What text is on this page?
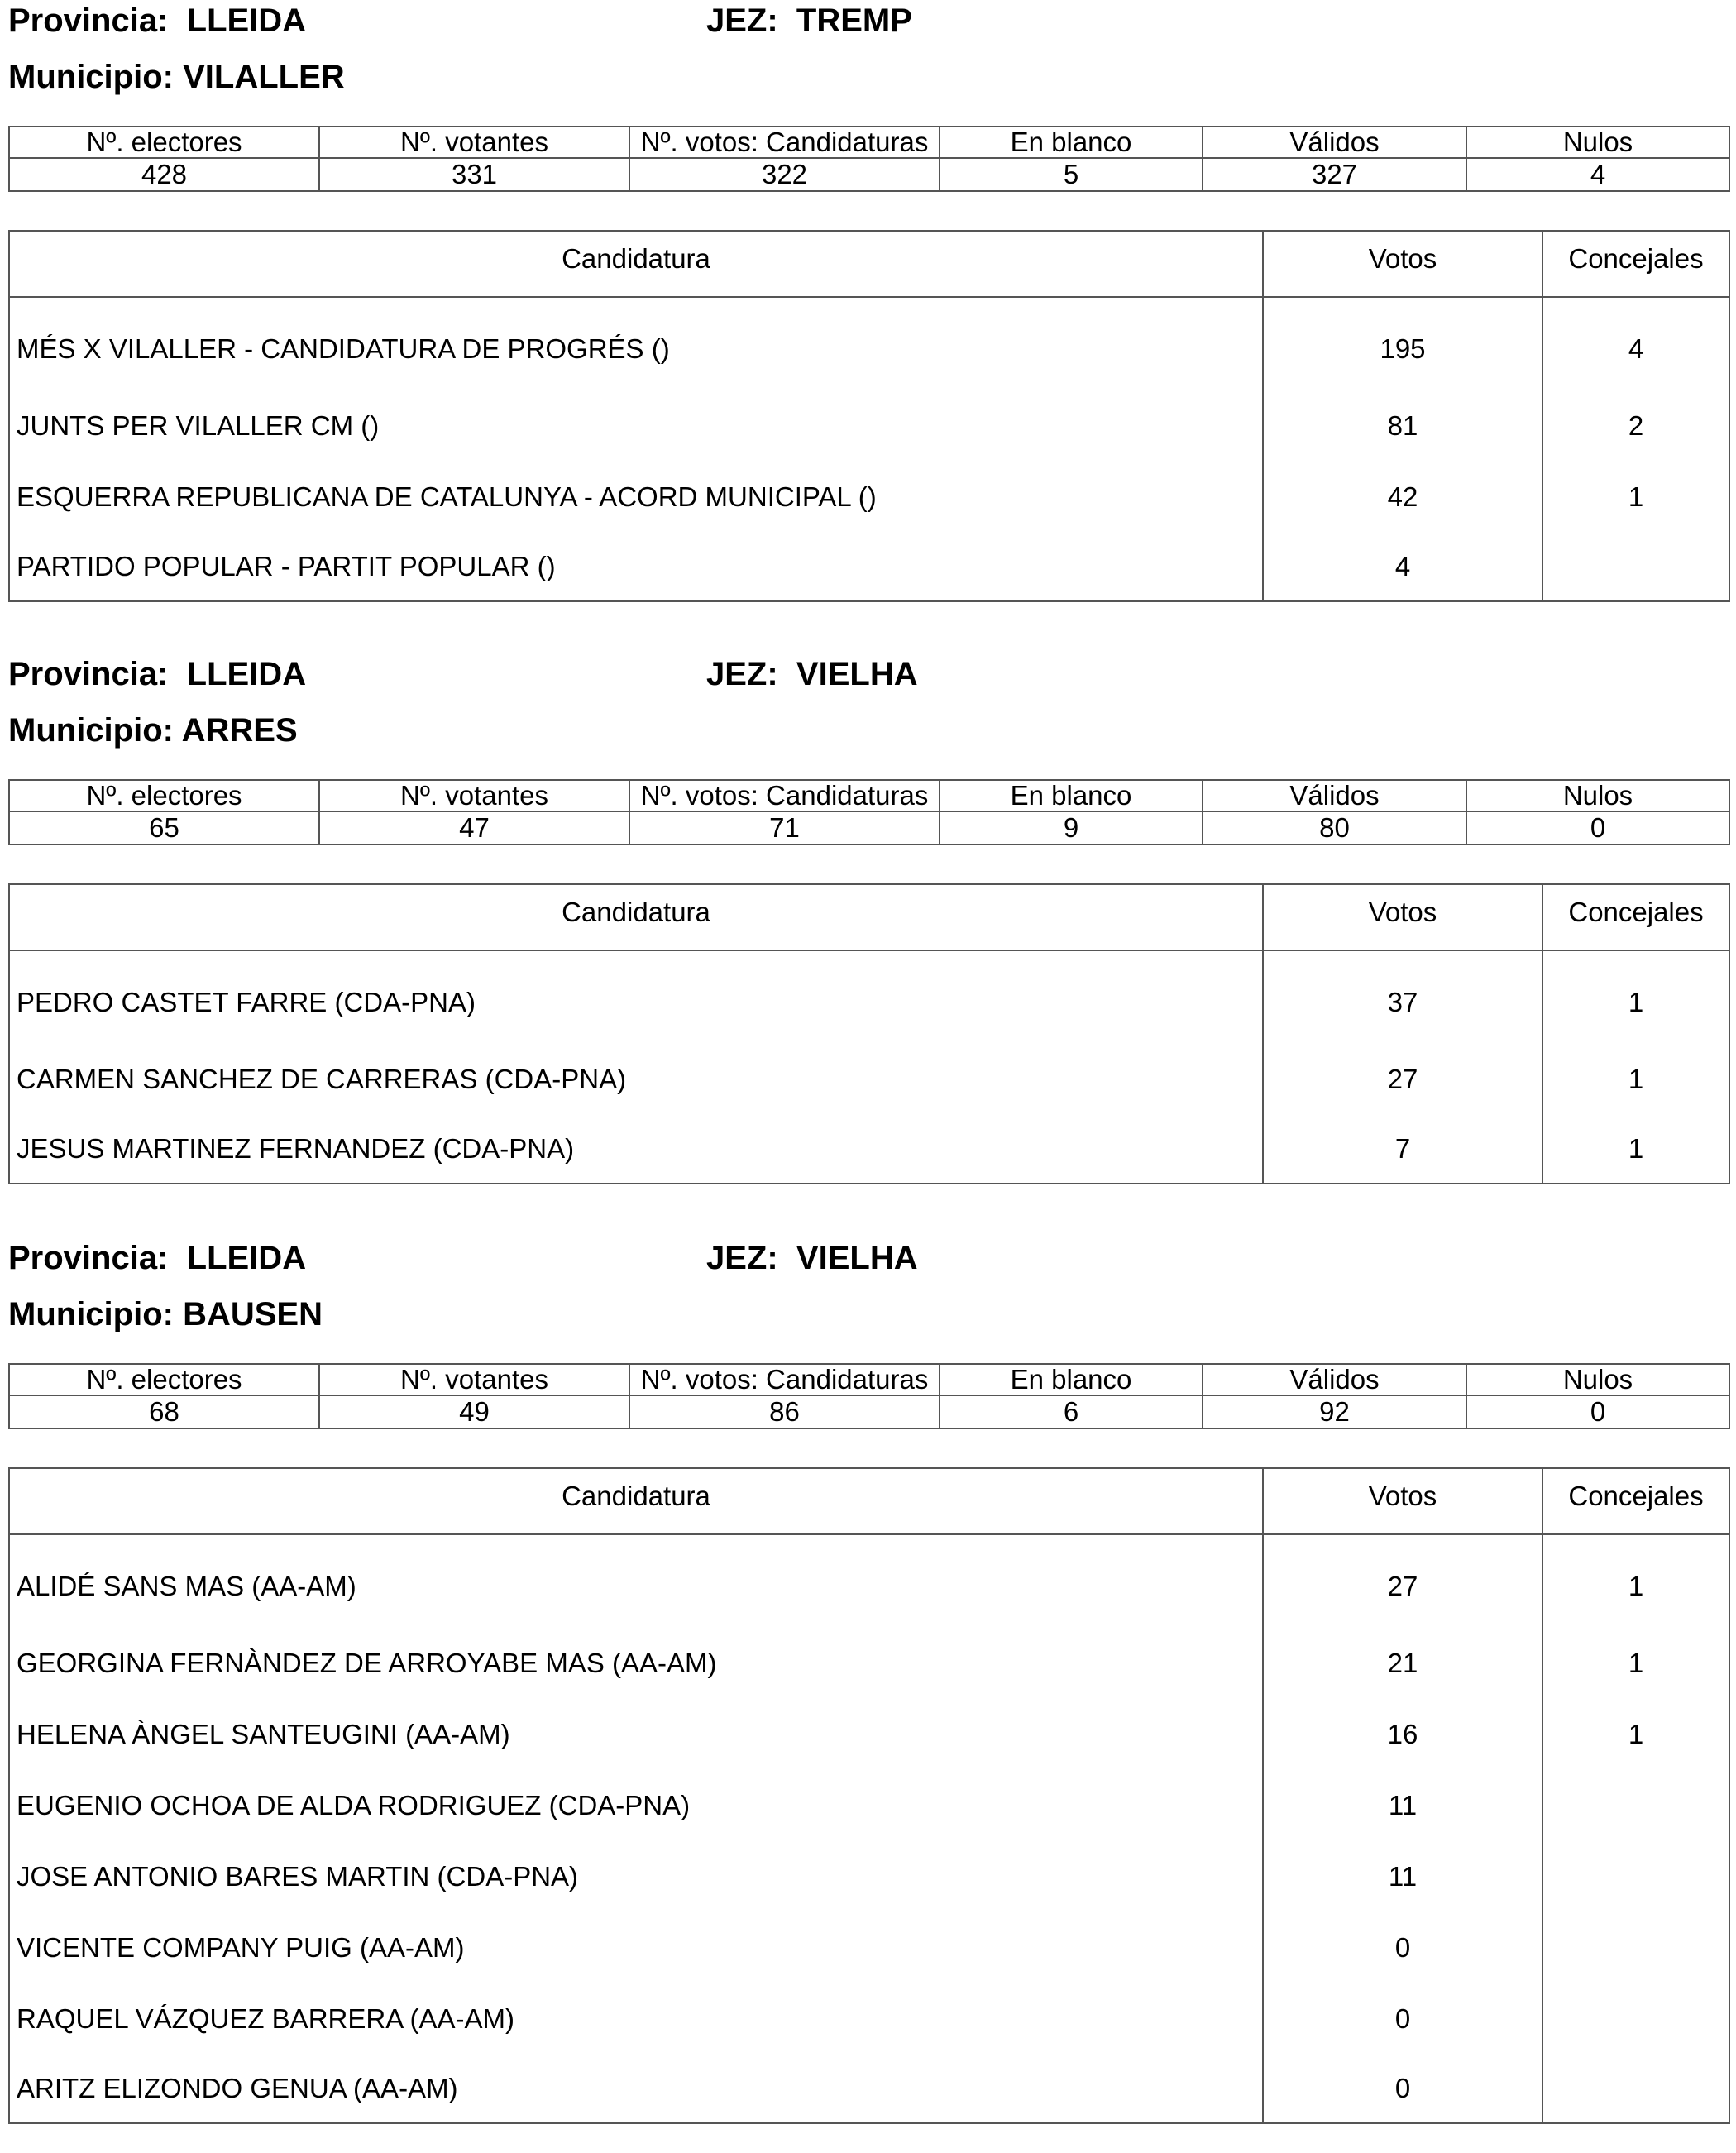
Provincia: LLEIDA	JEZ: TREMP
Municipio: VILALLER
Nº. electores	Nº. votantes	Nº. votos: Candidaturas	En blanco	Válidos	Nulos
428	331	322	5	327	4
Candidatura	Votos	Concejales
MÉS X VILALLER - CANDIDATURA DE PROGRÉS ()	195	4
JUNTS PER VILALLER CM ()	81	2
ESQUERRA REPUBLICANA DE CATALUNYA - ACORD MUNICIPAL ()	42	1
PARTIDO POPULAR - PARTIT POPULAR ()	4	
Provincia: LLEIDA	JEZ: VIELHA
Municipio: ARRES
Nº. electores	Nº. votantes	Nº. votos: Candidaturas	En blanco	Válidos	Nulos
65	47	71	9	80	0
Candidatura	Votos	Concejales
PEDRO CASTET FARRE (CDA-PNA)	37	1
CARMEN SANCHEZ DE CARRERAS (CDA-PNA)	27	1
JESUS MARTINEZ FERNANDEZ (CDA-PNA)	7	1
Provincia: LLEIDA	JEZ: VIELHA
Municipio: BAUSEN
Nº. electores	Nº. votantes	Nº. votos: Candidaturas	En blanco	Válidos	Nulos
68	49	86	6	92	0
Candidatura	Votos	Concejales
ALIDÉ SANS MAS (AA-AM)	27	1
GEORGINA FERNÀNDEZ DE ARROYABE MAS (AA-AM)	21	1
HELENA ÀNGEL SANTEUGINI (AA-AM)	16	1
EUGENIO OCHOA DE ALDA RODRIGUEZ (CDA-PNA)	11	
JOSE ANTONIO BARES MARTIN (CDA-PNA)	11	
VICENTE COMPANY PUIG (AA-AM)	0	
RAQUEL VÁZQUEZ BARRERA (AA-AM)	0	
ARITZ ELIZONDO GENUA (AA-AM)	0	
